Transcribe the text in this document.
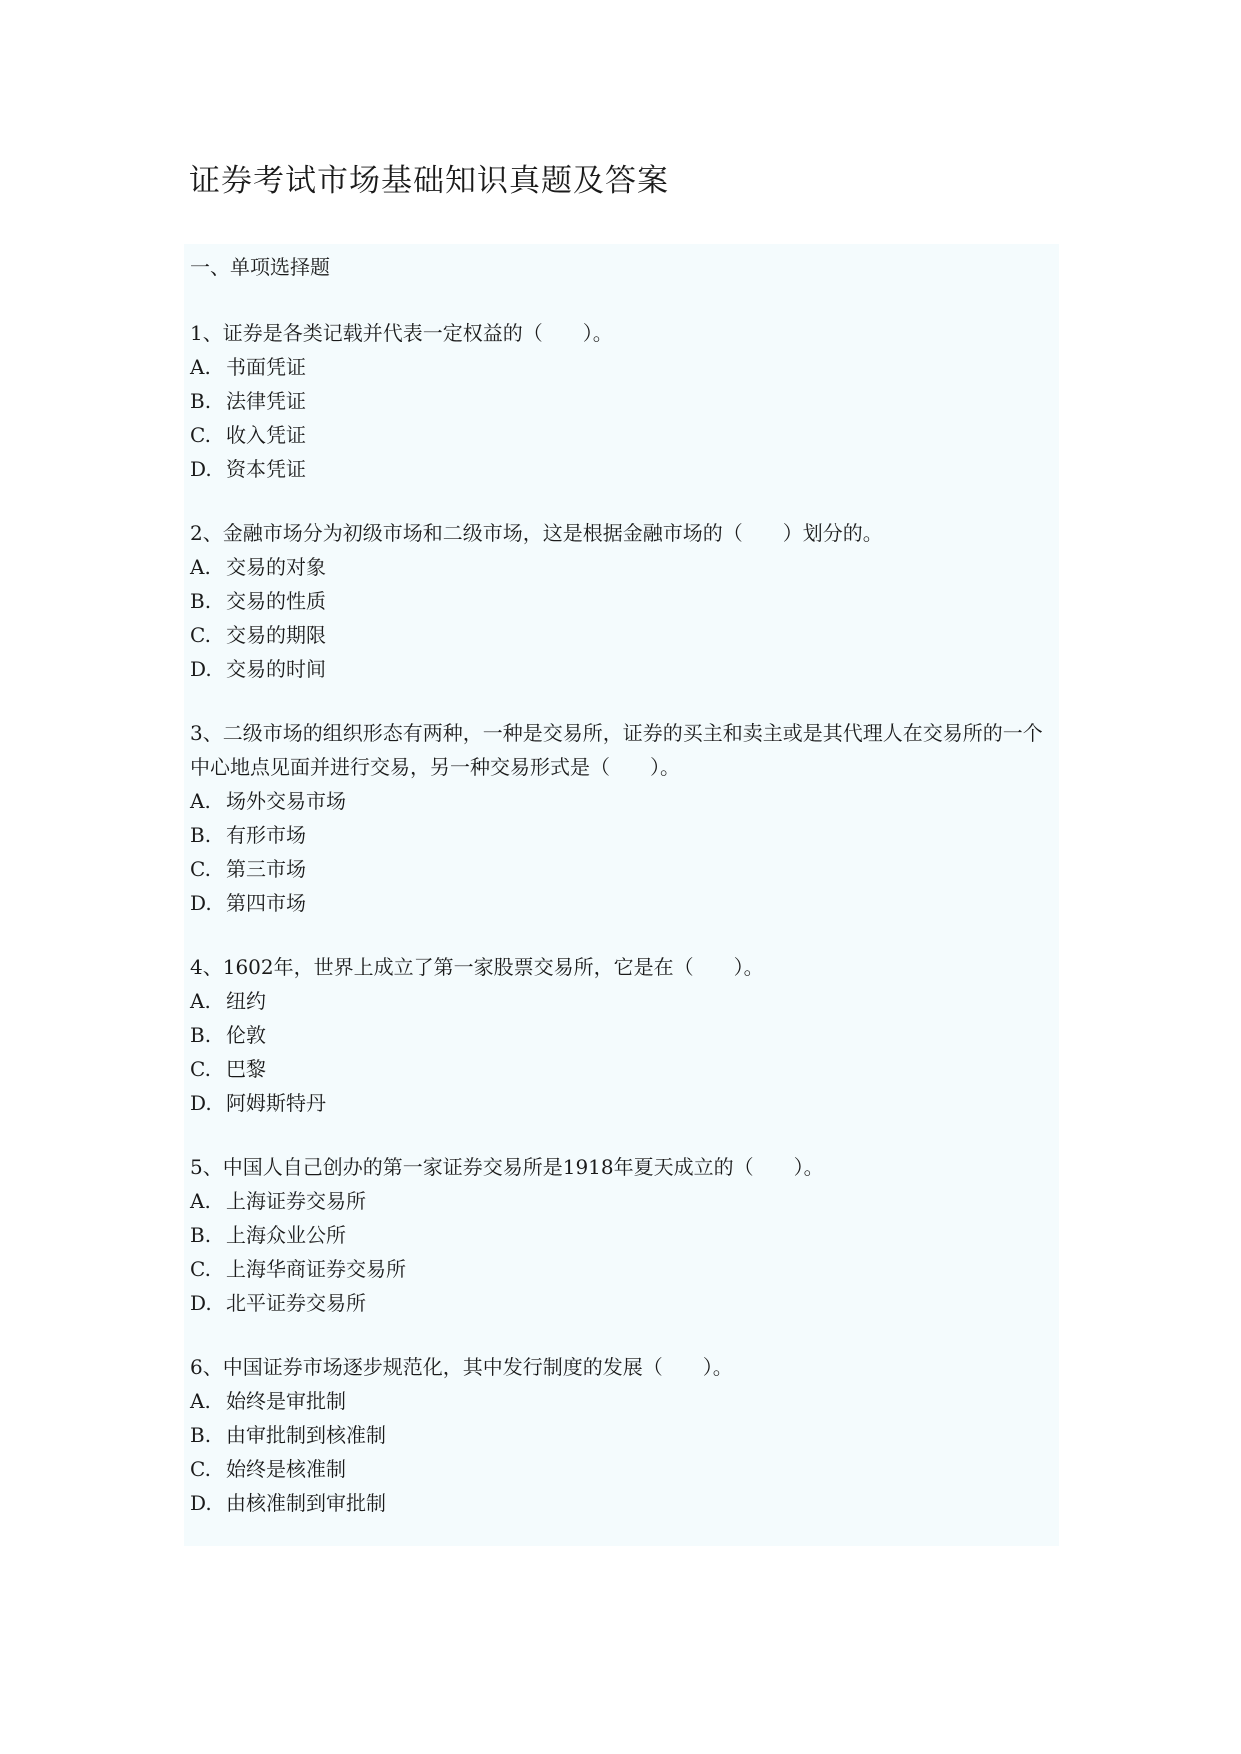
证券考试市场基础知识真题及答案
一、单项选择题
1、证券是各类记载并代表一定权益的（　　）。
A. 书面凭证
B. 法律凭证
C. 收入凭证
D. 资本凭证
2、金融市场分为初级市场和二级市场，这是根据金融市场的（　　）划分的。
A. 交易的对象
B. 交易的性质
C. 交易的期限
D. 交易的时间
3、二级市场的组织形态有两种，一种是交易所，证券的买主和卖主或是其代理人在交易所的一个中心地点见面并进行交易，另一种交易形式是（　　）。
A. 场外交易市场
B. 有形市场
C. 第三市场
D. 第四市场
4、1602年，世界上成立了第一家股票交易所，它是在（　　）。
A. 纽约
B. 伦敦
C. 巴黎
D. 阿姆斯特丹
5、中国人自己创办的第一家证券交易所是1918年夏天成立的（　　）。
A. 上海证券交易所
B. 上海众业公所
C. 上海华商证券交易所
D. 北平证券交易所
6、中国证券市场逐步规范化，其中发行制度的发展（　　）。
A. 始终是审批制
B. 由审批制到核准制
C. 始终是核准制
D. 由核准制到审批制
